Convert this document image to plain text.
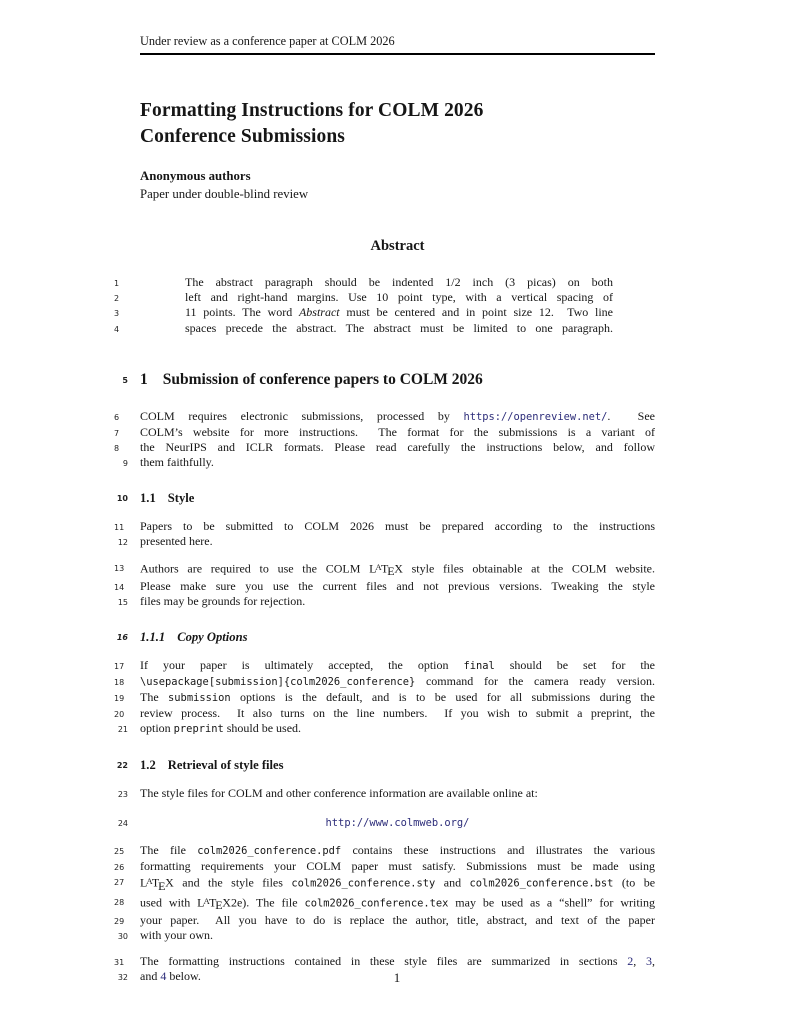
Under review as a conference paper at COLM 2026
Formatting Instructions for COLM 2026
Conference Submissions
Anonymous authors
Paper under double-blind review
Abstract
1	The abstract paragraph should be indented 1/2 inch (3 picas) on both
2	left and right-hand margins. Use 10 point type, with a vertical spacing of
3	11 points. The word Abstract must be centered and in point size 12.  Two line
4	spaces precede the abstract. The abstract must be limited to one paragraph.
5 1 Submission of conference papers to COLM 2026
6	COLM requires electronic submissions, processed by https://openreview.net/.  See
7	COLM’s website for more instructions.  The format for the submissions is a variant of
8	the NeurIPS and ICLR formats. Please read carefully the instructions below, and follow
9 them faithfully.
10 1.1 Style
11	Papers to be submitted to COLM 2026 must be prepared according to the instructions
12 presented here.
13	Authors are required to use the COLM $L^ATEX$ style files obtainable at the COLM website.
14	Please make sure you use the current files and not previous versions. Tweaking the style
15 files may be grounds for rejection.
16 1.1.1 Copy Options
17	If your paper is ultimately accepted, the option final should be set for the
18	\usepackage[submission]{colm2026_conference} command for the camera ready version.
19	The submission options is the default, and is to be used for all submissions during the
20	review process.  It also turns on the line numbers.  If you wish to submit a preprint, the
21 option preprint should be used.
22 1.2 Retrieval of style files
23 The style files for COLM and other conference information are available online at:
24	http://www.colmweb.org/
25	The file colm2026_conference.pdf contains these instructions and illustrates the various
26	formatting requirements your COLM paper must satisfy. Submissions must be made using
27	$L^ATEX$ and the style files colm2026_conference.sty and colm2026_conference.bst (to be
28	used with $L^ATEX2e$). The file colm2026_conference.tex may be used as a “shell” for writing
29	your paper.  All you have to do is replace the author, title, abstract, and text of the paper
30 with your own.
31	The formatting instructions contained in these style files are summarized in sections 2, 3,
32 and 4 below.	1
